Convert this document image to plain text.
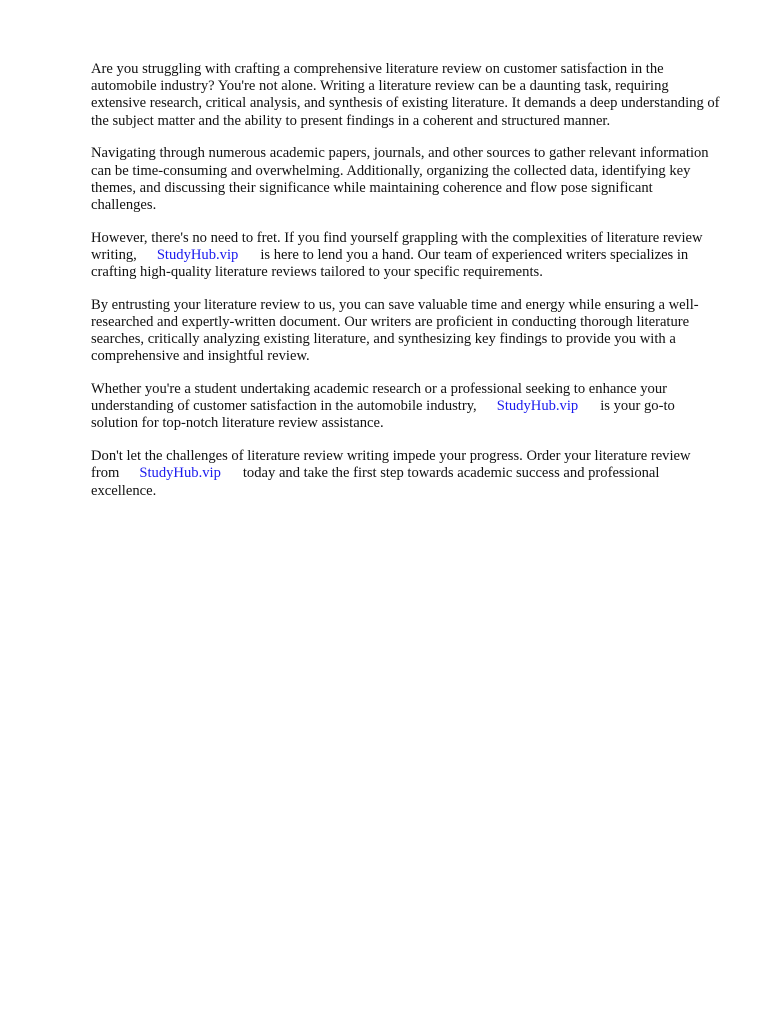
Are you struggling with crafting a comprehensive literature review on customer satisfaction in the automobile industry? You're not alone. Writing a literature review can be a daunting task, requiring extensive research, critical analysis, and synthesis of existing literature. It demands a deep understanding of the subject matter and the ability to present findings in a coherent and structured manner.

Navigating through numerous academic papers, journals, and other sources to gather relevant information can be time-consuming and overwhelming. Additionally, organizing the collected data, identifying key themes, and discussing their significance while maintaining coherence and flow pose significant challenges.

However, there's no need to fret. If you find yourself grappling with the complexities of literature review writing, StudyHub.vip is here to lend you a hand. Our team of experienced writers specializes in crafting high-quality literature reviews tailored to your specific requirements.

By entrusting your literature review to us, you can save valuable time and energy while ensuring a well-researched and expertly-written document. Our writers are proficient in conducting thorough literature searches, critically analyzing existing literature, and synthesizing key findings to provide you with a comprehensive and insightful review.

Whether you're a student undertaking academic research or a professional seeking to enhance your understanding of customer satisfaction in the automobile industry, StudyHub.vip is your go-to solution for top-notch literature review assistance.

Don't let the challenges of literature review writing impede your progress. Order your literature review from StudyHub.vip today and take the first step towards academic success and professional excellence.
